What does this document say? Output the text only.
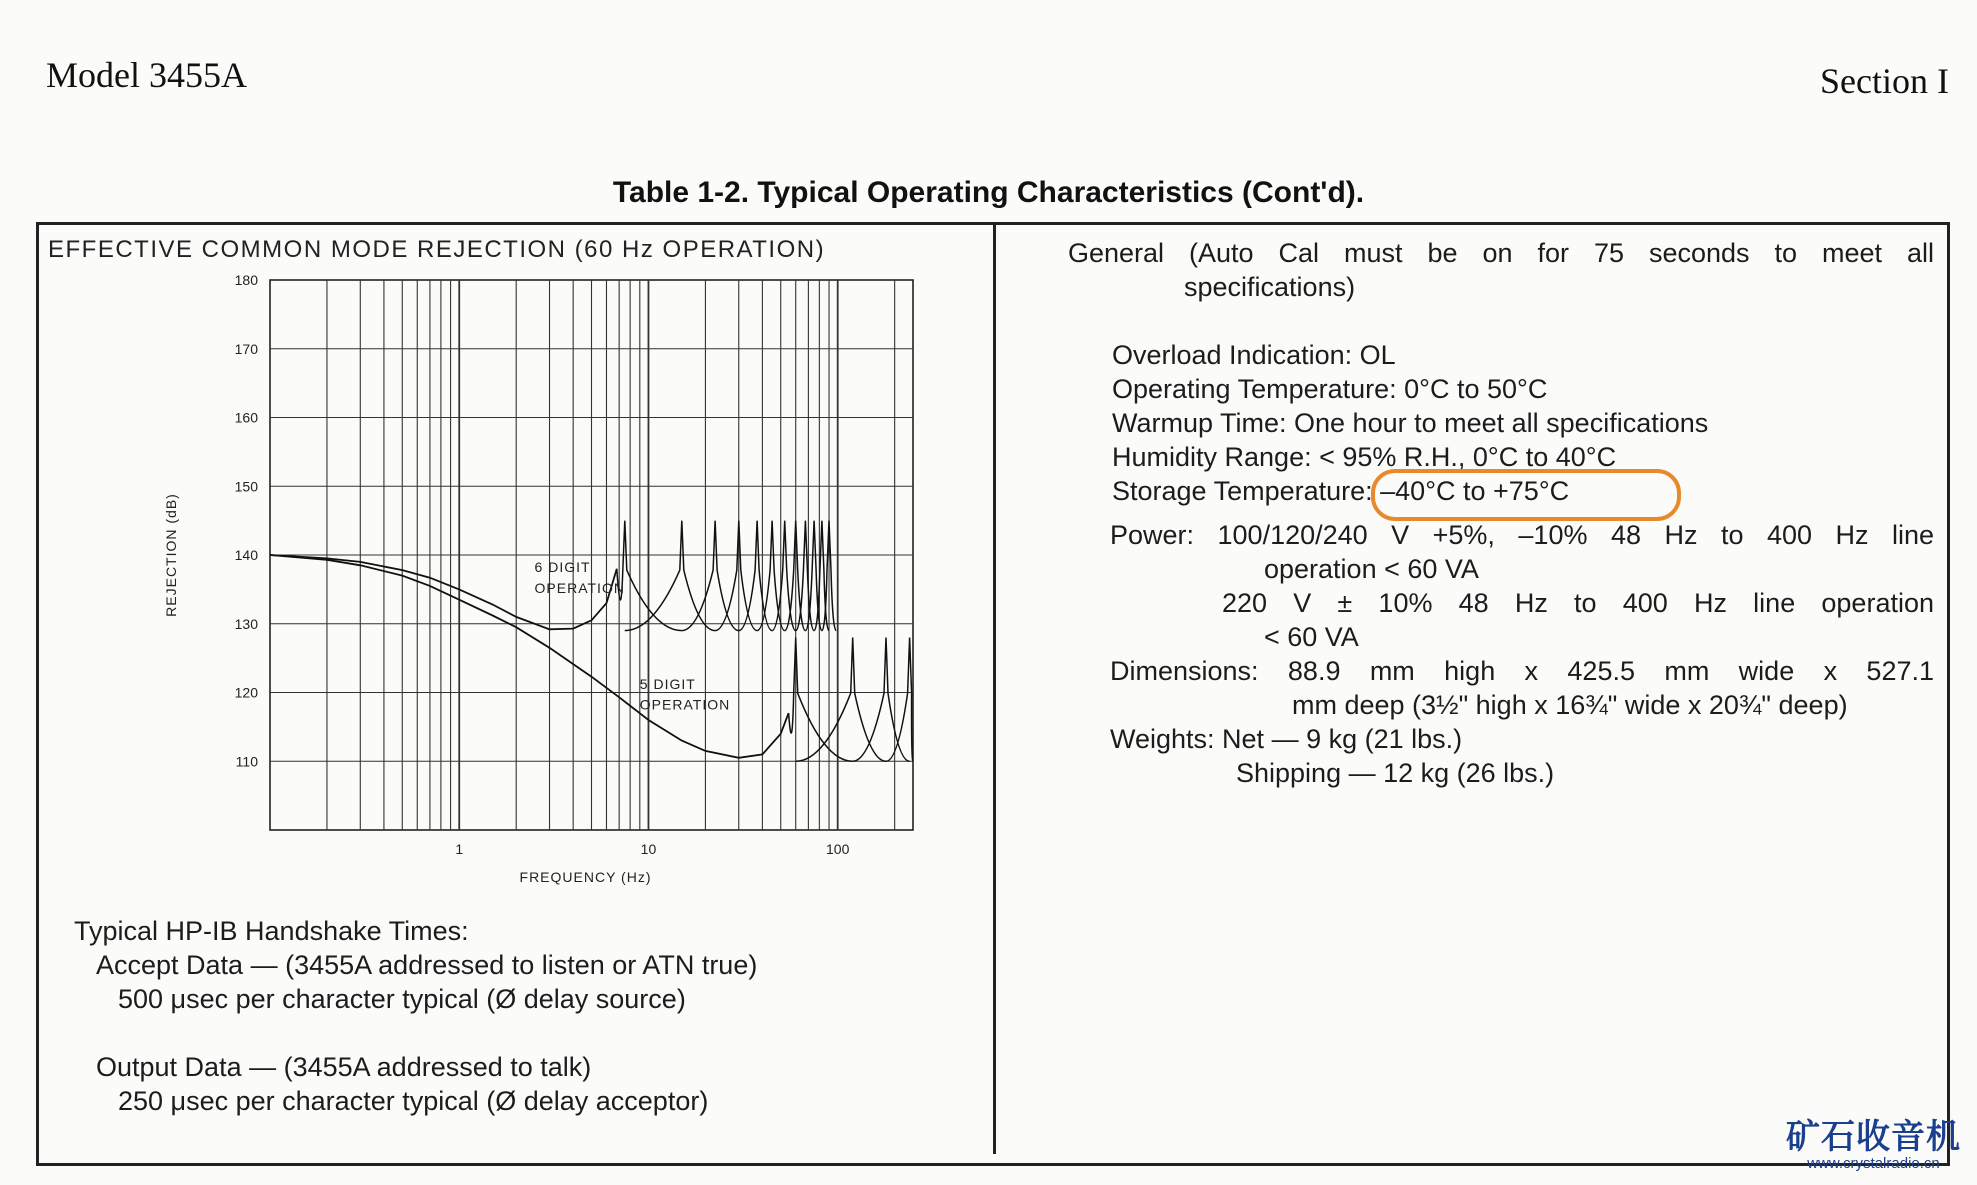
Model 3455A	Section I
Table 1-2. Typical Operating Characteristics (Cont'd).
EFFECTIVE COMMON MODE REJECTION (60 Hz OPERATION)
180
170
160
150
140
130
120
110
1	10	100
FREQUENCY (Hz)
REJECTION (dB)	6 DIGIT
OPERATION
5 DIGIT
OPERATION
Typical HP-IB Handshake Times:
Accept Data — (3455A addressed to listen or ATN true)
500 μsec per character typical (Ø delay source)
Output Data — (3455A addressed to talk)
250 μsec per character typical (Ø delay acceptor)
General (Auto Cal must be on for 75 seconds to meet all
specifications)
Overload Indication: OL
Operating Temperature: 0°C to 50°C
Warmup Time: One hour to meet all specifications
Humidity Range: < 95% R.H., 0°C to 40°C
Storage Temperature: –40°C to +75°C
Power: 100/120/240 V +5%, –10% 48 Hz to 400 Hz line
operation < 60 VA
220 V ± 10% 48 Hz to 400 Hz line operation
< 60 VA
Dimensions: 88.9 mm high x 425.5 mm wide x 527.1
mm deep (3½" high x 16¾" wide x 20¾" deep)
Weights: Net — 9 kg (21 lbs.)
Shipping — 12 kg (26 lbs.)
矿石收音机
www.crystalradio.cn
